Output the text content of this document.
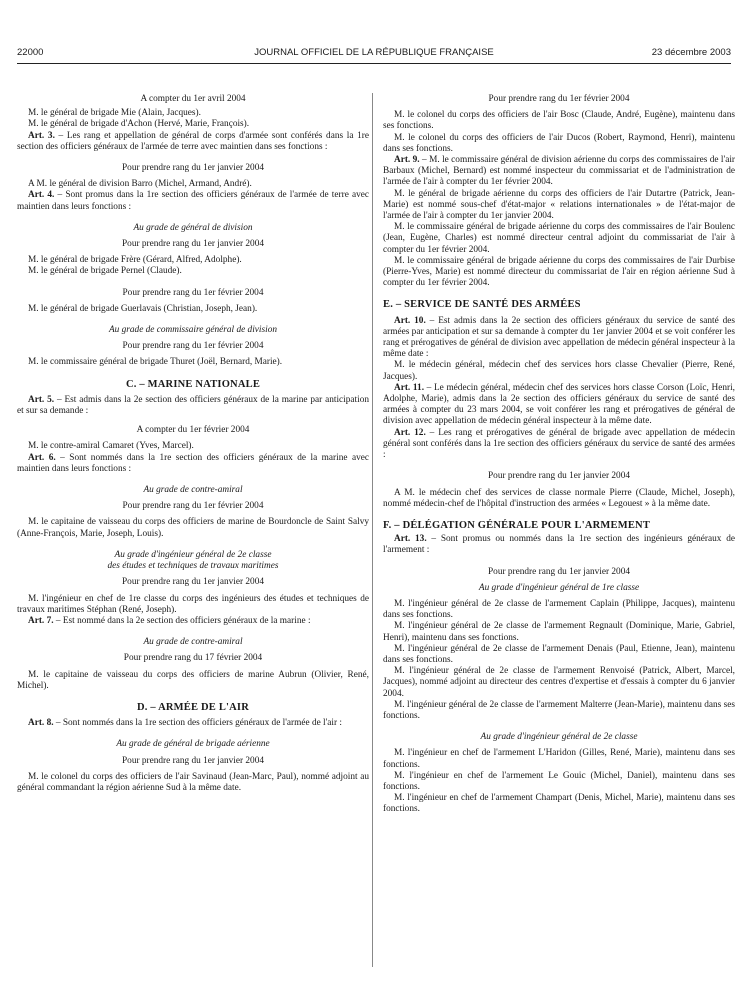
22000	JOURNAL OFFICIEL DE LA RÉPUBLIQUE FRANÇAISE	23 décembre 2003

A compter du 1er avril 2004

M. le général de brigade Mie (Alain, Jacques).

M. le général de brigade d'Achon (Hervé, Marie, François).

Art. 3. – Les rang et appellation de général de corps d'armée sont conférés dans la 1re section des officiers généraux de l'armée de terre avec maintien dans ses fonctions :

Pour prendre rang du 1er janvier 2004

A M. le général de division Barro (Michel, Armand, André).

Art. 4. – Sont promus dans la 1re section des officiers généraux de l'armée de terre avec maintien dans leurs fonctions :

Au grade de général de division

Pour prendre rang du 1er janvier 2004

M. le général de brigade Frère (Gérard, Alfred, Adolphe).

M. le général de brigade Pernel (Claude).

Pour prendre rang du 1er février 2004

M. le général de brigade Guerlavais (Christian, Joseph, Jean).

Au grade de commissaire général de division

Pour prendre rang du 1er février 2004

M. le commissaire général de brigade Thuret (Joël, Bernard, Marie).

C. – MARINE NATIONALE

Art. 5. – Est admis dans la 2e section des officiers généraux de la marine par anticipation et sur sa demande :

A compter du 1er février 2004

M. le contre-amiral Camaret (Yves, Marcel).

Art. 6. – Sont nommés dans la 1re section des officiers généraux de la marine avec maintien dans leurs fonctions :

Au grade de contre-amiral

Pour prendre rang du 1er février 2004

M. le capitaine de vaisseau du corps des officiers de marine de Bourdoncle de Saint Salvy (Anne-François, Marie, Joseph, Louis).

Au grade d'ingénieur général de 2e classe

des études et techniques de travaux maritimes

Pour prendre rang du 1er janvier 2004

M. l'ingénieur en chef de 1re classe du corps des ingénieurs des études et techniques de travaux maritimes Stéphan (René, Joseph).

Art. 7. – Est nommé dans la 2e section des officiers généraux de la marine :

Au grade de contre-amiral

Pour prendre rang du 17 février 2004

M. le capitaine de vaisseau du corps des officiers de marine Aubrun (Olivier, René, Michel).

D. – ARMÉE DE L'AIR

Art. 8. – Sont nommés dans la 1re section des officiers généraux de l'armée de l'air :

Au grade de général de brigade aérienne

Pour prendre rang du 1er janvier 2004

M. le colonel du corps des officiers de l'air Savinaud (Jean-Marc, Paul), nommé adjoint au général commandant la région aérienne Sud à la même date.

Pour prendre rang du 1er février 2004

M. le colonel du corps des officiers de l'air Bosc (Claude, André, Eugène), maintenu dans ses fonctions.

M. le colonel du corps des officiers de l'air Ducos (Robert, Raymond, Henri), maintenu dans ses fonctions.

Art. 9. – M. le commissaire général de division aérienne du corps des commissaires de l'air Barbaux (Michel, Bernard) est nommé inspecteur du commissariat et de l'administration de l'armée de l'air à compter du 1er février 2004.

M. le général de brigade aérienne du corps des officiers de l'air Dutartre (Patrick, Jean-Marie) est nommé sous-chef d'état-major « relations internationales » de l'état-major de l'armée de l'air à compter du 1er janvier 2004.

M. le commissaire général de brigade aérienne du corps des commissaires de l'air Boulenc (Jean, Eugène, Charles) est nommé directeur central adjoint du commissariat de l'air à compter du 1er février 2004.

M. le commissaire général de brigade aérienne du corps des commissaires de l'air Durbise (Pierre-Yves, Marie) est nommé directeur du commissariat de l'air en région aérienne Sud à compter du 1er février 2004.

E. – SERVICE DE SANTÉ DES ARMÉES

Art. 10. – Est admis dans la 2e section des officiers généraux du service de santé des armées par anticipation et sur sa demande à compter du 1er janvier 2004 et se voit conférer les rang et prérogatives de général de division avec appellation de médecin général inspecteur à la même date :

M. le médecin général, médecin chef des services hors classe Chevalier (Pierre, René, Jacques).

Art. 11. – Le médecin général, médecin chef des services hors classe Corson (Loïc, Henri, Adolphe, Marie), admis dans la 2e section des officiers généraux du service de santé des armées à compter du 23 mars 2004, se voit conférer les rang et prérogatives de général de division avec appellation de médecin général inspecteur à la même date.

Art. 12. – Les rang et prérogatives de général de brigade avec appellation de médecin général sont conférés dans la 1re section des officiers généraux du service de santé des armées :

Pour prendre rang du 1er janvier 2004

A M. le médecin chef des services de classe normale Pierre (Claude, Michel, Joseph), nommé médecin-chef de l'hôpital d'instruction des armées « Legouest » à la même date.

F. – DÉLÉGATION GÉNÉRALE POUR L'ARMEMENT

Art. 13. – Sont promus ou nommés dans la 1re section des ingénieurs généraux de l'armement :

Pour prendre rang du 1er janvier 2004

Au grade d'ingénieur général de 1re classe

M. l'ingénieur général de 2e classe de l'armement Caplain (Philippe, Jacques), maintenu dans ses fonctions.

M. l'ingénieur général de 2e classe de l'armement Regnault (Dominique, Marie, Gabriel, Henri), maintenu dans ses fonctions.

M. l'ingénieur général de 2e classe de l'armement Denais (Paul, Etienne, Jean), maintenu dans ses fonctions.

M. l'ingénieur général de 2e classe de l'armement Renvoisé (Patrick, Albert, Marcel, Jacques), nommé adjoint au directeur des centres d'expertise et d'essais à compter du 6 janvier 2004.

M. l'ingénieur général de 2e classe de l'armement Malterre (Jean-Marie), maintenu dans ses fonctions.

Au grade d'ingénieur général de 2e classe

M. l'ingénieur en chef de l'armement L'Haridon (Gilles, René, Marie), maintenu dans ses fonctions.

M. l'ingénieur en chef de l'armement Le Gouic (Michel, Daniel), maintenu dans ses fonctions.

M. l'ingénieur en chef de l'armement Champart (Denis, Michel, Marie), maintenu dans ses fonctions.
